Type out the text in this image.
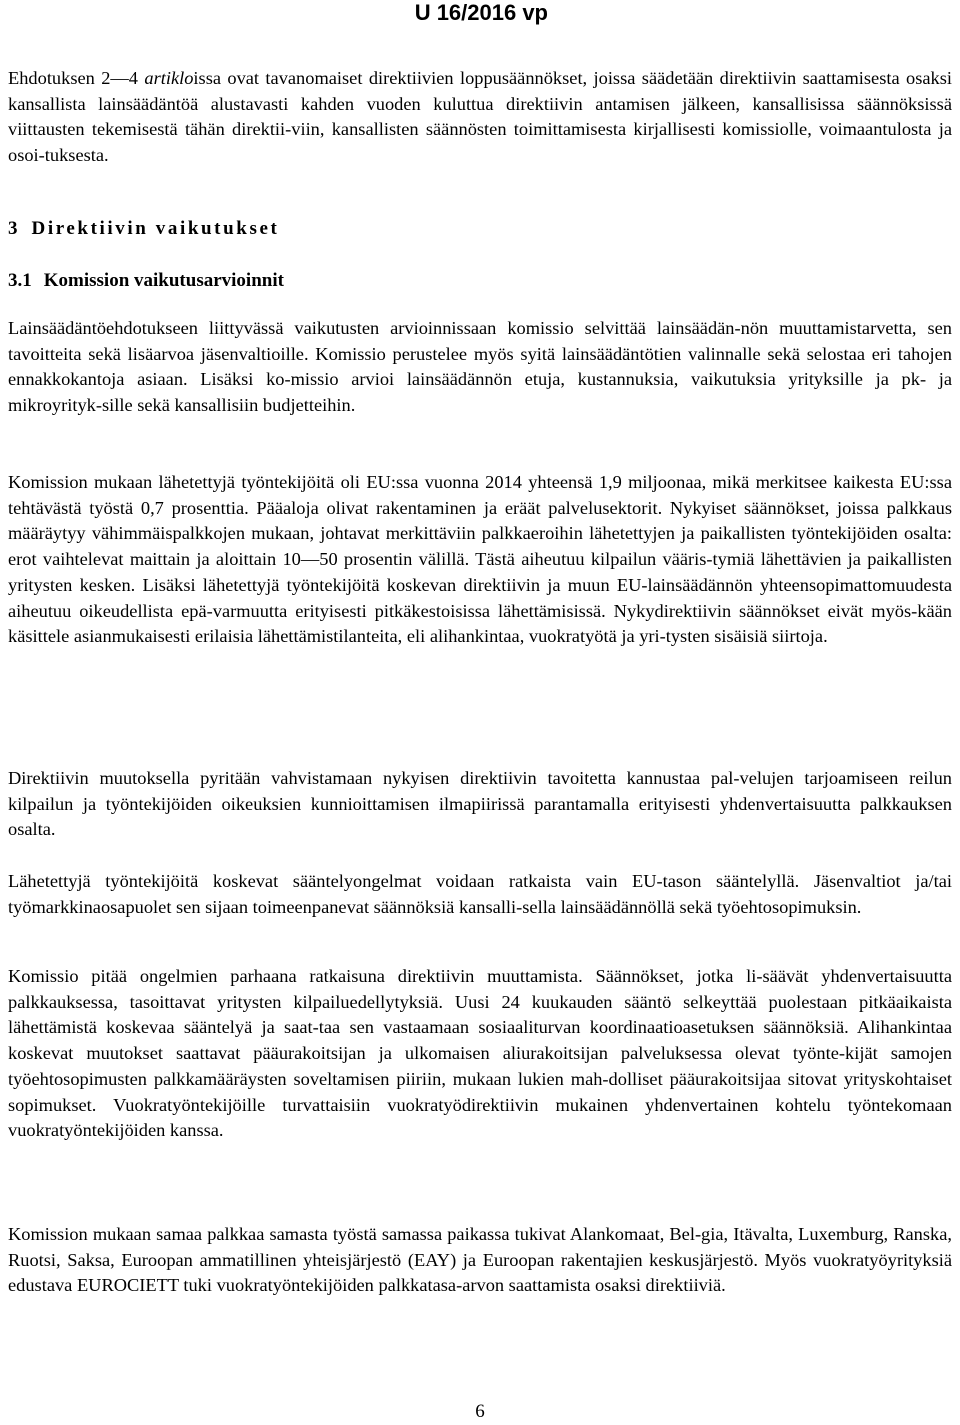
U 16/2016 vp

Ehdotuksen 2—4 artikloissa ovat tavanomaiset direktiivien loppusäännökset, joissa säädetään direktiivin saattamisesta osaksi kansallista lainsäädäntöä alustavasti kahden vuoden kuluttua direktiivin antamisen jälkeen, kansallisissa säännöksissä viittausten tekemisestä tähän direktii-viin, kansallisten säännösten toimittamisesta kirjallisesti komissiolle, voimaantulosta ja osoi-tuksesta.

3 Direktiivin vaikutukset
3.1 Komission vaikutusarvioinnit

Lainsäädäntöehdotukseen liittyvässä vaikutusten arvioinnissaan komissio selvittää lainsäädän-nön muuttamistarvetta, sen tavoitteita sekä lisäarvoa jäsenvaltioille. Komissio perustelee myös syitä lainsäädäntötien valinnalle sekä selostaa eri tahojen ennakkokantoja asiaan. Lisäksi ko-missio arvioi lainsäädännön etuja, kustannuksia, vaikutuksia yrityksille ja pk- ja mikroyrityk-sille sekä kansallisiin budjetteihin.

Komission mukaan lähetettyjä työntekijöitä oli EU:ssa vuonna 2014 yhteensä 1,9 miljoonaa, mikä merkitsee kaikesta EU:ssa tehtävästä työstä 0,7 prosenttia. Pääaloja olivat rakentaminen ja eräät palvelusektorit. Nykyiset säännökset, joissa palkkaus määräytyy vähimmäispalkkojen mukaan, johtavat merkittäviin palkkaeroihin lähetettyjen ja paikallisten työntekijöiden osalta: erot vaihtelevat maittain ja aloittain 10—50 prosentin välillä. Tästä aiheutuu kilpailun vääris-tymiä lähettävien ja paikallisten yritysten kesken. Lisäksi lähetettyjä työntekijöitä koskevan direktiivin ja muun EU-lainsäädännön yhteensopimattomuudesta aiheutuu oikeudellista epä-varmuutta erityisesti pitkäkestoisissa lähettämisissä. Nykydirektiivin säännökset eivät myös-kään käsittele asianmukaisesti erilaisia lähettämistilanteita, eli alihankintaa, vuokratyötä ja yri-tysten sisäisiä siirtoja.

Direktiivin muutoksella pyritään vahvistamaan nykyisen direktiivin tavoitetta kannustaa pal-velujen tarjoamiseen reilun kilpailun ja työntekijöiden oikeuksien kunnioittamisen ilmapiirissä parantamalla erityisesti yhdenvertaisuutta palkkauksen osalta.

Lähetettyjä työntekijöitä koskevat sääntelyongelmat voidaan ratkaista vain EU-tason sääntelyllä. Jäsenvaltiot ja/tai työmarkkinaosapuolet sen sijaan toimeenpanevat säännöksiä kansalli-sella lainsäädännöllä sekä työehtosopimuksin.

Komissio pitää ongelmien parhaana ratkaisuna direktiivin muuttamista. Säännökset, jotka li-säävät yhdenvertaisuutta palkkauksessa, tasoittavat yritysten kilpailuedellytyksiä. Uusi 24 kuukauden sääntö selkeyttää puolestaan pitkäaikaista lähettämistä koskevaa sääntelyä ja saat-taa sen vastaamaan sosiaaliturvan koordinaatioasetuksen säännöksiä. Alihankintaa koskevat muutokset saattavat pääurakoitsijan ja ulkomaisen aliurakoitsijan palveluksessa olevat työnte-kijät samojen työehtosopimusten palkkamääräysten soveltamisen piiriin, mukaan lukien mah-dolliset pääurakoitsijaa sitovat yrityskohtaiset sopimukset. Vuokratyöntekijöille turvattaisiin vuokratyödirektiivin mukainen yhdenvertainen kohtelu työntekomaan vuokratyöntekijöiden kanssa.

Komission mukaan samaa palkkaa samasta työstä samassa paikassa tukivat Alankomaat, Bel-gia, Itävalta, Luxemburg, Ranska, Ruotsi, Saksa, Euroopan ammatillinen yhteisjärjestö (EAY) ja Euroopan rakentajien keskusjärjestö. Myös vuokratyöyrityksiä edustava EUROCIETT tuki vuokratyöntekijöiden palkkatasa-arvon saattamista osaksi direktiiviä.

6
